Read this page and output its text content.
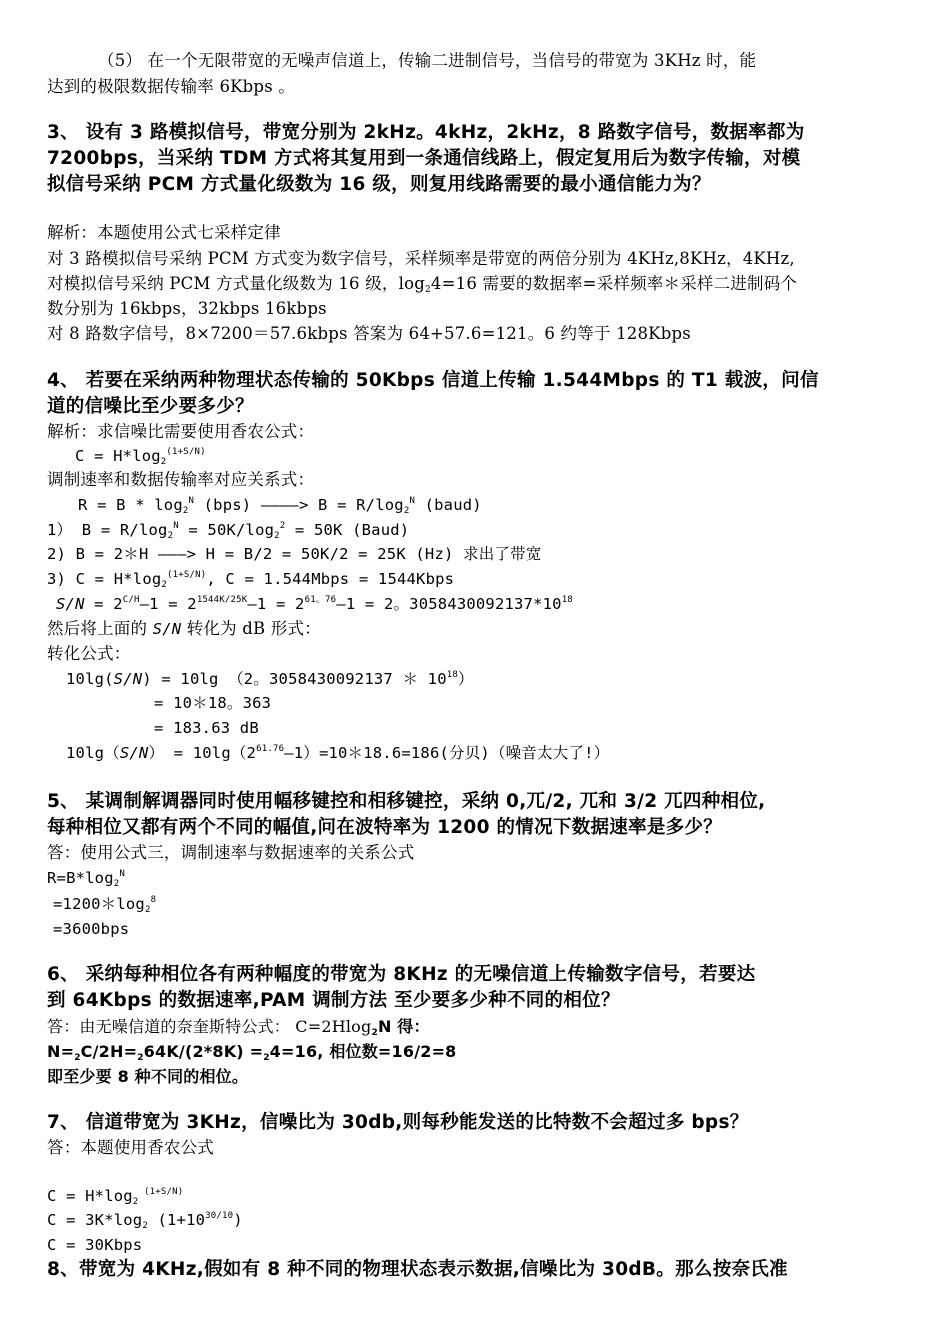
（5） 在一个无限带宽的无噪声信道上，传输二进制信号，当信号的带宽为 3KHz 时，能
达到的极限数据传输率 6Kbps 。
3、 设有 3 路模拟信号，带宽分别为 2kHz。4kHz，2kHz，8 路数字信号，数据率都为
7200bps，当采纳 TDM 方式将其复用到一条通信线路上，假定复用后为数字传输，对模
拟信号采纳 PCM 方式量化级数为 16 级，则复用线路需要的最小通信能力为？
解析：本题使用公式七采样定律
对 3 路模拟信号采纳 PCM 方式变为数字信号，采样频率是带宽的两倍分别为 4KHz,8KHz，4KHz,
对模拟信号采纳 PCM 方式量化级数为 16 级，$\log_24=16$ 需要的数据率=采样频率＊采样二进制码个
数分别为 16kbps，32kbps 16kbps
对 8 路数字信号，8×7200＝57.6kbps 答案为 64+57.6=121。6 约等于 128Kbps
4、 若要在采纳两种物理状态传输的 50Kbps 信道上传输 1.544Mbps 的 T1 载波，问信
道的信噪比至少要多少？
解析：求信噪比需要使用香农公式：
$C = H*\log_2^{(1+S/N)}$
调制速率和数据传输率对应关系式：
$R = B * \log_2^N (bps)$ ————> $B = R/\log_2^N$ (baud)
1） $B = R/\log_2^N = 50K/\log_2^2 = 50K$ (Baud)
2) B = 2＊H ———> H = B/2 = 50K/2 = 25K (Hz) 求出了带宽
3) $C = H*\log_2^{(1+S/N)}$, C = 1.544Mbps = 1544Kbps
$S/N = 2^{C/H}—1$ = $2^{1544K/25K}—1$ = $2^{61。76}—1 = 2$。$3058430092137*10^{18}$
然后将上面的 S/N 转化为 dB 形式：
转化公式：
10lg(S/N) = 10lg （2。3058430092137 ＊ $10^{18}$）
= 10＊18。363
= 183.63 dB
$10\lg(S/N) = 10\lg(2^{61.76}—1)=10*18.6=186$(分贝)（噪音太大了!）
5、 某调制解调器同时使用幅移键控和相移键控，采纳 0,兀/2, 兀和 3/2 兀四种相位,
每种相位又都有两个不同的幅值,问在波特率为 1200 的情况下数据速率是多少？
答：使用公式三，调制速率与数据速率的关系公式
$R=B*\log_2^N$
$=1200*\log_2^8$
=3600bps
6、 采纳每种相位各有两种幅度的带宽为 8KHz 的无噪信道上传输数字信号，若要达
到 64Kbps 的数据速率,PAM 调制方法 至少要多少种不同的相位？
答：由无噪信道的奈奎斯特公式： C=2Hlog$_2$N 得：
$N=_2C/2H=_264K/(2*8K) =_24=16$, 相位数=16/2=8
即至少要 8 种不同的相位。
7、 信道带宽为 3KHz，信噪比为 30db,则每秒能发送的比特数不会超过多 bps？
答：本题使用香农公式
$C = H*\log_2$ $^{(1+S/N)}$
$C = 3K*\log_2$ $(1+10^{30/10})$
C = 30Kbps
8、带宽为 4KHz,假如有 8 种不同的物理状态表示数据,信噪比为 30dB。那么按奈氏准
